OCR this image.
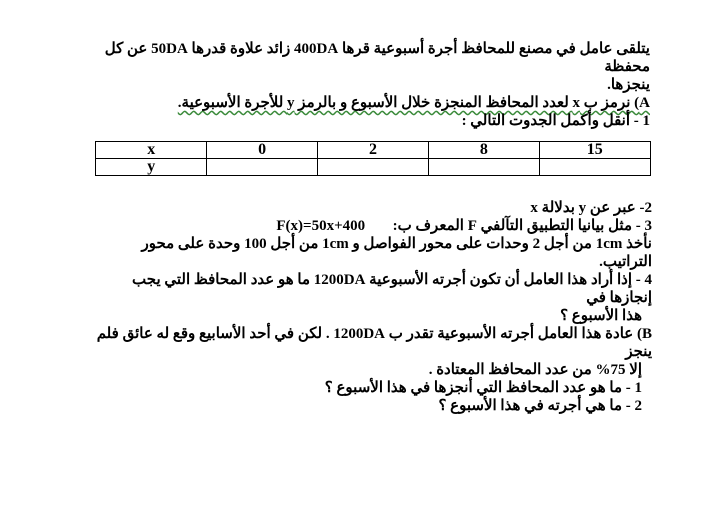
يتلقى عامل في مصنع للمحافظ أجرة أسبوعية قرها 400DA زائد علاوة قدرها 50DA عن كل محفظة

ينجزها.

A) نرمز ب x لعدد المحافظ المنجزة خلال الأسبوع و بالرمز y للأجرة الأسبوعية.

1 - أنقل وأكمل الجدوت التالي :

x	0	2	8	15
y				

2- عبر عن y بدلالة x

3 - مثل بيانيا التطبيق التآلفي F المعرف ب:  F(x)=50x+400

نأخذ 1cm من أجل 2 وحدات على محور الفواصل و 1cm من أجل 100 وحدة على محور التراتيب.

4 - إذا أراد هذا العامل أن تكون أجرته الأسبوعية 1200DA ما هو عدد المحافظ التي يجب إنجازها في

هذا الأسبوع ؟

B) عادة هذا العامل أجرته الأسبوعية تقدر ب 1200DA . لكن في أحد الأسابيع وقع له عائق فلم ينجز

إلا 75% من عدد المحافظ المعتادة .

1 - ما هو عدد المحافظ التي أنجزها في هذا الأسبوع ؟

2 - ما هي أجرته في هذا الأسبوع ؟
